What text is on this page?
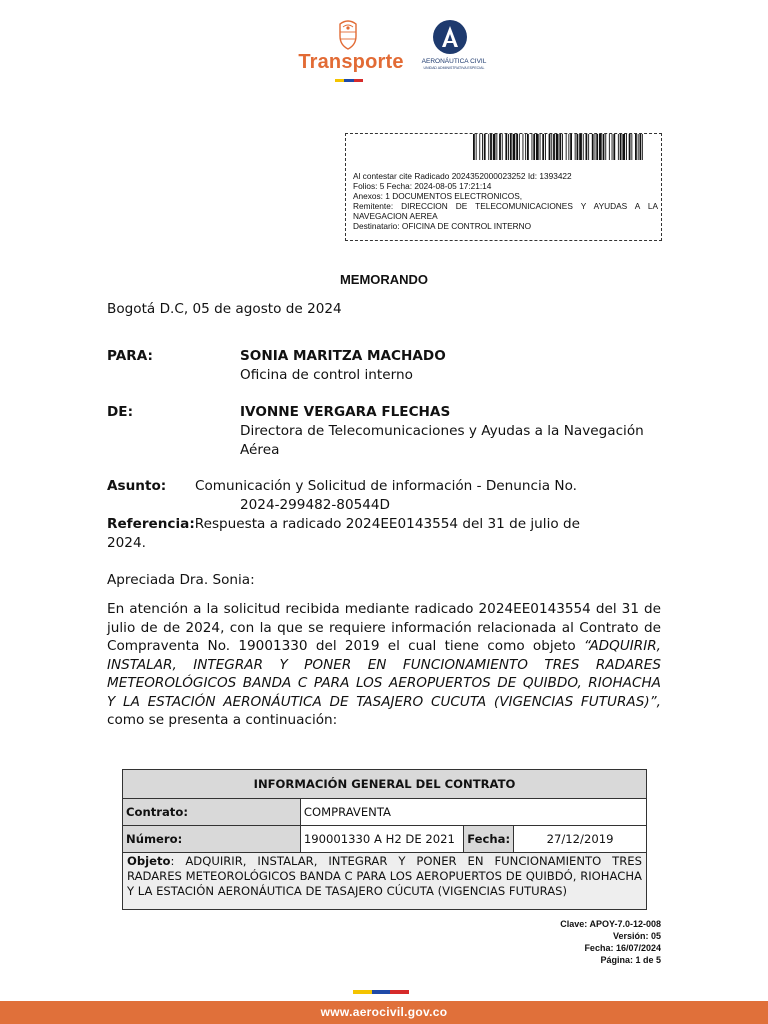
Transporte	AERONÁUTICA CIVIL
UNIDAD ADMINISTRATIVA ESPECIAL
Al contestar cite Radicado 2024352000023252 Id: 1393422
Folios: 5 Fecha: 2024-08-05 17:21:14
Anexos: 1 DOCUMENTOS ELECTRONICOS,
Remitente: DIRECCION DE TELECOMUNICACIONES Y AYUDAS A LA
NAVEGACION AEREA
Destinatario: OFICINA DE CONTROL INTERNO
MEMORANDO
Bogotá D.C, 05 de agosto de 2024
PARA:	SONIA MARITZA MACHADO
Oficina de control interno
DE:	IVONNE VERGARA FLECHAS
Directora de Telecomunicaciones y Ayudas a la Navegación Aérea
Asunto: Comunicación y Solicitud de información - Denuncia No.
2024-299482-80544D
Referencia:Respuesta a radicado 2024EE0143554 del 31 de julio de 2024.
Apreciada Dra. Sonia:
En atención a la solicitud recibida mediante radicado 2024EE0143554 del 31 de
julio de de 2024, con la que se requiere información relacionada al Contrato de
Compraventa No. 19001330 del 2019 el cual tiene como objeto “ADQUIRIR,
INSTALAR, INTEGRAR Y PONER EN FUNCIONAMIENTO TRES RADARES
METEOROLÓGICOS BANDA C PARA LOS AEROPUERTOS DE QUIBDO, RIOHACHA
Y LA ESTACIÓN AERONÁUTICA DE TASAJERO CUCUTA (VIGENCIAS FUTURAS)”,
como se presenta a continuación:
INFORMACIÓN GENERAL DEL CONTRATO			
Contrato:	COMPRAVENTA		
Número:	190001330 A H2 DE 2021	Fecha:	27/12/2019
Objeto: ADQUIRIR, INSTALAR, INTEGRAR Y PONER EN FUNCIONAMIENTO TRES RADARES METEOROLÓGICOS BANDA C PARA LOS AEROPUERTOS DE QUIBDÓ, RIOHACHA Y LA ESTACIÓN AERONÁUTICA DE TASAJERO CÚCUTA (VIGENCIAS FUTURAS)			
Clave: APOY-7.0-12-008
Versión: 05
Fecha: 16/07/2024
Página: 1 de 5
www.aerocivil.gov.co
